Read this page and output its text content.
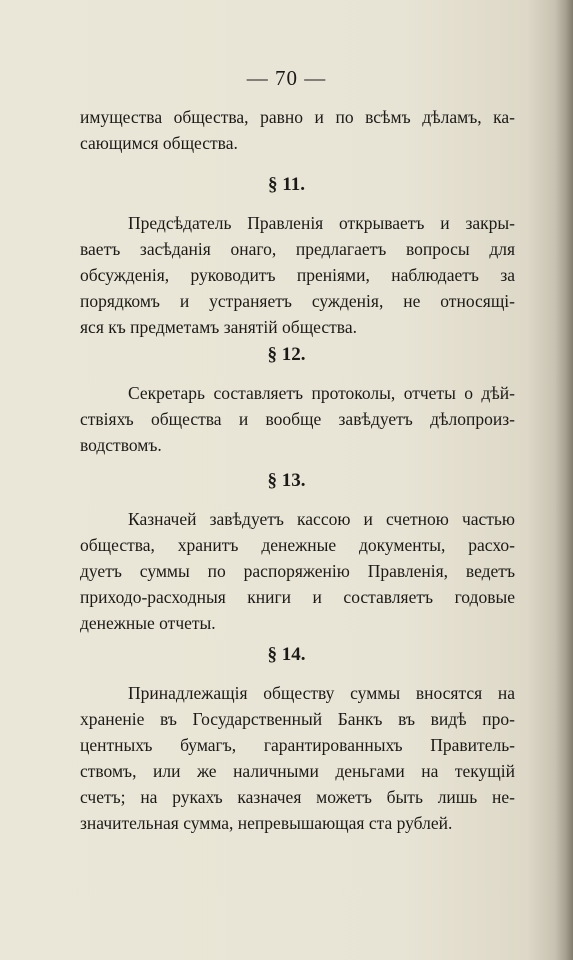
— 70 —
имущества общества, равно и по всѣмъ дѣламъ, ка-
сающимся общества.
§ 11.
Предсѣдатель Правленія открываетъ и закры-
ваетъ засѣданія онаго, предлагаетъ вопросы для
обсужденія, руководитъ преніями, наблюдаетъ за
порядкомъ и устраняетъ сужденія, не относящі-
яся къ предметамъ занятій общества.
§ 12.
Секретарь составляетъ протоколы, отчеты о дѣй-
ствіяхъ общества и вообще завѣдуетъ дѣлопроиз-
водствомъ.
§ 13.
Казначей завѣдуетъ кассою и счетною частью
общества, хранитъ денежные документы, расхо-
дуетъ суммы по распоряженію Правленія, ведетъ
приходо-расходныя книги и составляетъ годовые
денежные отчеты.
§ 14.
Принадлежащія обществу суммы вносятся на
храненіе въ Государственный Банкъ въ видѣ про-
центныхъ бумагъ, гарантированныхъ Правитель-
ствомъ, или же наличными деньгами на текущій
счетъ; на рукахъ казначея можетъ быть лишь не-
значительная сумма, непревышающая ста рублей.
